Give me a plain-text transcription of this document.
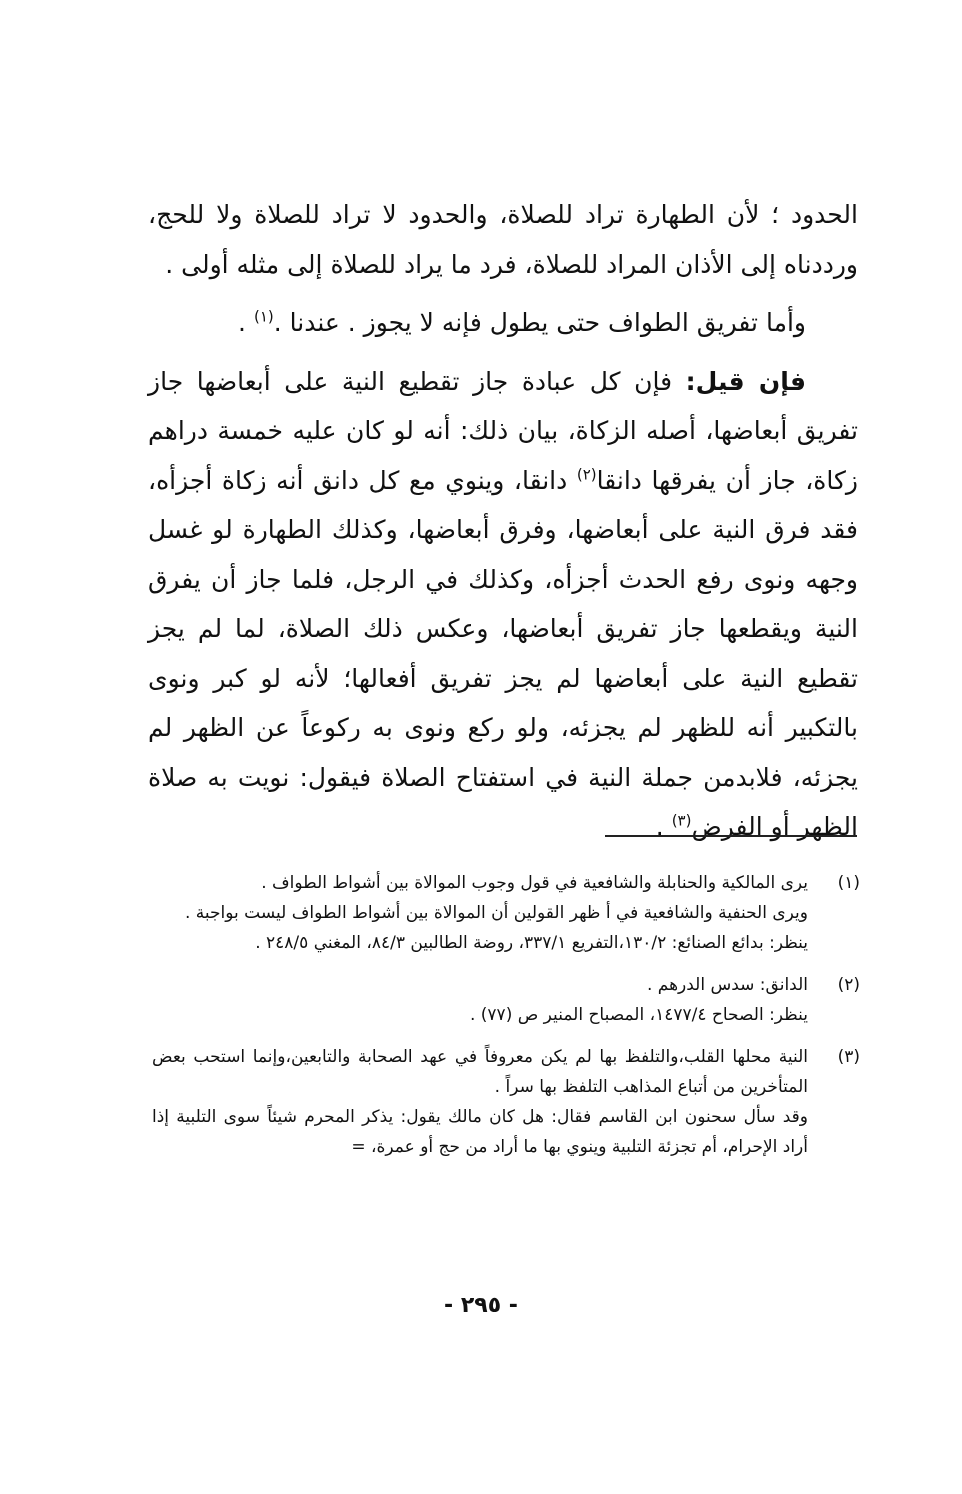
الحدود ؛ لأن الطهارة تراد للصلاة، والحدود لا تراد للصلاة ولا للحج، ورددناه إلى الأذان المراد للصلاة، فرد ما يراد للصلاة إلى مثله أولى .

وأما تفريق الطواف حتى يطول فإنه لا يجوز . عندنا .$^{(١)}$ .

فإن قيل: فإن كل عبادة جاز تقطيع النية على أبعاضها جاز تفريق أبعاضها، أصله الزكاة، بيان ذلك: أنه لو كان عليه خمسة دراهم زكاة، جاز أن يفرقها دانقا$^{(٢)}$ دانقا، وينوي مع كل دانق أنه زكاة أجزأه، فقد فرق النية على أبعاضها، وفرق أبعاضها، وكذلك الطهارة لو غسل وجهه ونوى رفع الحدث أجزأه، وكذلك في الرجل، فلما جاز أن يفرق النية ويقطعها جاز تفريق أبعاضها، وعكس ذلك الصلاة، لما لم يجز تقطيع النية على أبعاضها لم يجز تفريق أفعالها؛ لأنه لو كبر ونوى بالتكبير أنه للظهر لم يجزئه، ولو ركع ونوى به ركوعاً عن الظهر لم يجزئه، فلابدمن جملة النية في استفتاح الصلاة فيقول: نويت به صلاة الظهر أو الفرض$^{(٣)}$ .

(١)
يرى المالكية والحنابلة والشافعية في قول وجوب الموالاة بين أشواط الطواف .
ويرى الحنفية والشافعية في أ ظهر القولين أن الموالاة بين أشواط الطواف ليست بواجبة .
ينظر: بدائع الصنائع: ١٣٠/٢،التفريع ٣٣٧/١، روضة الطالبين ٨٤/٣، المغني ٢٤٨/٥ .
(٢)
الدانق: سدس الدرهم .
ينظر: الصحاح ١٤٧٧/٤، المصباح المنير ص (٧٧) .
(٣)
النية محلها القلب،والتلفظ بها لم يكن معروفاً في عهد الصحابة والتابعين،وإنما استحب بعض المتأخرين من أتباع المذاهب التلفظ بها سراً .
وقد سأل سحنون ابن القاسم فقال: هل كان مالك يقول: يذكر المحرم شيئاً سوى التلبية إذا أراد الإحرام، أم تجزئة التلبية وينوي بها ما أراد من حج أو عمرة، =
- ٢٩٥ -
